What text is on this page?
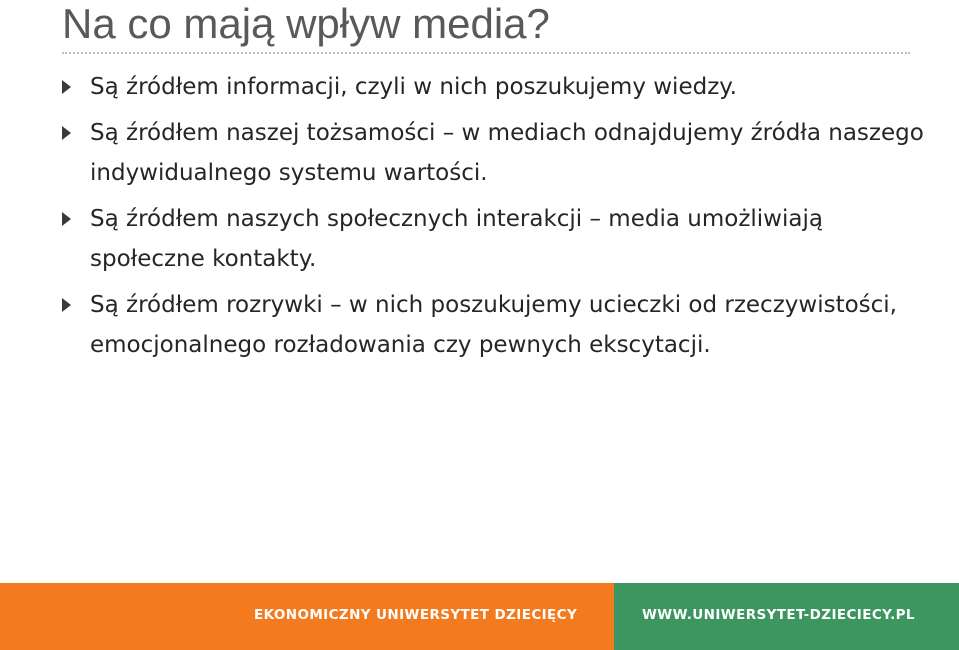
Na co mają wpływ media?
Są źródłem informacji, czyli w nich poszukujemy wiedzy.
Są źródłem naszej tożsamości – w mediach odnajdujemy źródła naszego indywidualnego systemu wartości.
Są źródłem naszych społecznych interakcji – media umożliwiają społeczne kontakty.
Są źródłem rozrywki – w nich poszukujemy ucieczki od rzeczywistości, emocjonalnego rozładowania czy pewnych ekscytacji.
EKONOMICZNY UNIWERSYTET DZIECIĘCY	WWW.UNIWERSYTET-DZIECIECY.PL
